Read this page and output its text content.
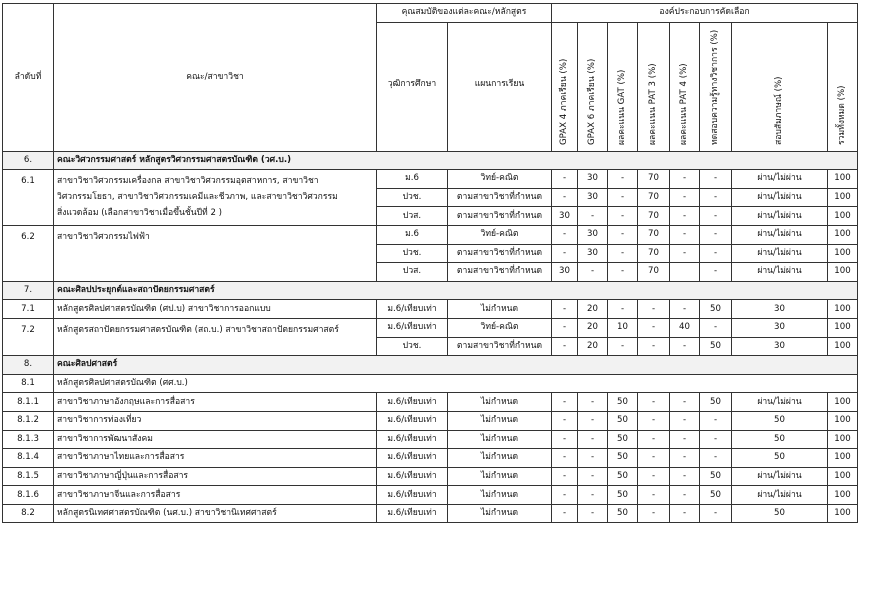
ลำดับที่	คณะ/สาขาวิชา	คุณสมบัติของแต่ละคณะ/หลักสูตร		องค์ประกอบการคัดเลือก							

		วุฒิการศึกษา	แผนการเรียน	GPAX 4 ภาคเรียน (%)	GPAX 6 ภาคเรียน (%)	ผลคะแนน GAT (%)	ผลคะแนน PAT 3 (%)	ผลคะแนน PAT 4 (%)	ทดสอบความรู้ทางวิชาการ (%)	สอบสัมภาษณ์ (%)	รวมทั้งหมด (%)

6.	คณะวิศวกรรมศาสตร์ หลักสูตรวิศวกรรมศาสตรบัณฑิต (วศ.บ.)										
6.1	สาขาวิชาวิศวกรรมเครื่องกล สาขาวิชาวิศวกรรมอุตสาหการ, สาขาวิชา
วิศวกรรมโยธา, สาขาวิชาวิศวกรรมเคมีและชีวภาพ, และสาขาวิชาวิศวกรรม
สิ่งแวดล้อม (เลือกสาขาวิชาเมื่อขึ้นชั้นปีที่ 2 )	ม.6	วิทย์-คณิต	-	30	-	70	-	-	ผ่าน/ไม่ผ่าน	100
		ปวช.	ตามสาขาวิชาที่กำหนด	-	30	-	70	-	-	ผ่าน/ไม่ผ่าน	100
		ปวส.	ตามสาขาวิชาที่กำหนด	30	-	-	70	-	-	ผ่าน/ไม่ผ่าน	100
6.2	สาขาวิชาวิศวกรรมไฟฟ้า	ม.6	วิทย์-คณิต	-	30	-	70	-	-	ผ่าน/ไม่ผ่าน	100
		ปวช.	ตามสาขาวิชาที่กำหนด	-	30	-	70	-	-	ผ่าน/ไม่ผ่าน	100
		ปวส.	ตามสาขาวิชาที่กำหนด	30	-	-	70		-	ผ่าน/ไม่ผ่าน	100
7.	คณะศิลปประยุกต์และสถาปัตยกรรมศาสตร์										
7.1	หลักสูตรศิลปศาสตรบัณฑิต (ศป.บ) สาขาวิชาการออกแบบ	ม.6/เทียบเท่า	ไม่กำหนด	-	20	-	-	-	50	30	100
7.2	หลักสูตรสถาปัตยกรรมศาสตรบัณฑิต (สถ.บ.) สาขาวิชาสถาปัตยกรรมศาสตร์	ม.6/เทียบเท่า	วิทย์-คณิต	-	20	10	-	40	-	30	100
		ปวช.	ตามสาขาวิชาที่กำหนด	-	20	-	-	-	50	30	100
8.	คณะศิลปศาสตร์										
8.1	หลักสูตรศิลปศาสตรบัณฑิต (ศศ.บ.)										
8.1.1	สาขาวิชาภาษาอังกฤษและการสื่อสาร	ม.6/เทียบเท่า	ไม่กำหนด	-	-	50	-	-	50	ผ่าน/ไม่ผ่าน	100
8.1.2	สาขาวิชาการท่องเที่ยว	ม.6/เทียบเท่า	ไม่กำหนด	-	-	50	-	-	-	50	100
8.1.3	สาขาวิชาการพัฒนาสังคม	ม.6/เทียบเท่า	ไม่กำหนด	-	-	50	-	-	-	50	100
8.1.4	สาขาวิชาภาษาไทยและการสื่อสาร	ม.6/เทียบเท่า	ไม่กำหนด	-	-	50	-	-	-	50	100
8.1.5	สาขาวิชาภาษาญี่ปุ่นและการสื่อสาร	ม.6/เทียบเท่า	ไม่กำหนด	-	-	50	-	-	50	ผ่าน/ไม่ผ่าน	100
8.1.6	สาขาวิชาภาษาจีนและการสื่อสาร	ม.6/เทียบเท่า	ไม่กำหนด	-	-	50	-	-	50	ผ่าน/ไม่ผ่าน	100
8.2	หลักสูตรนิเทศศาสตรบัณฑิต (นศ.บ.) สาขาวิชานิเทศศาสตร์	ม.6/เทียบเท่า	ไม่กำหนด	-	-	50	-	-	-	50	100
